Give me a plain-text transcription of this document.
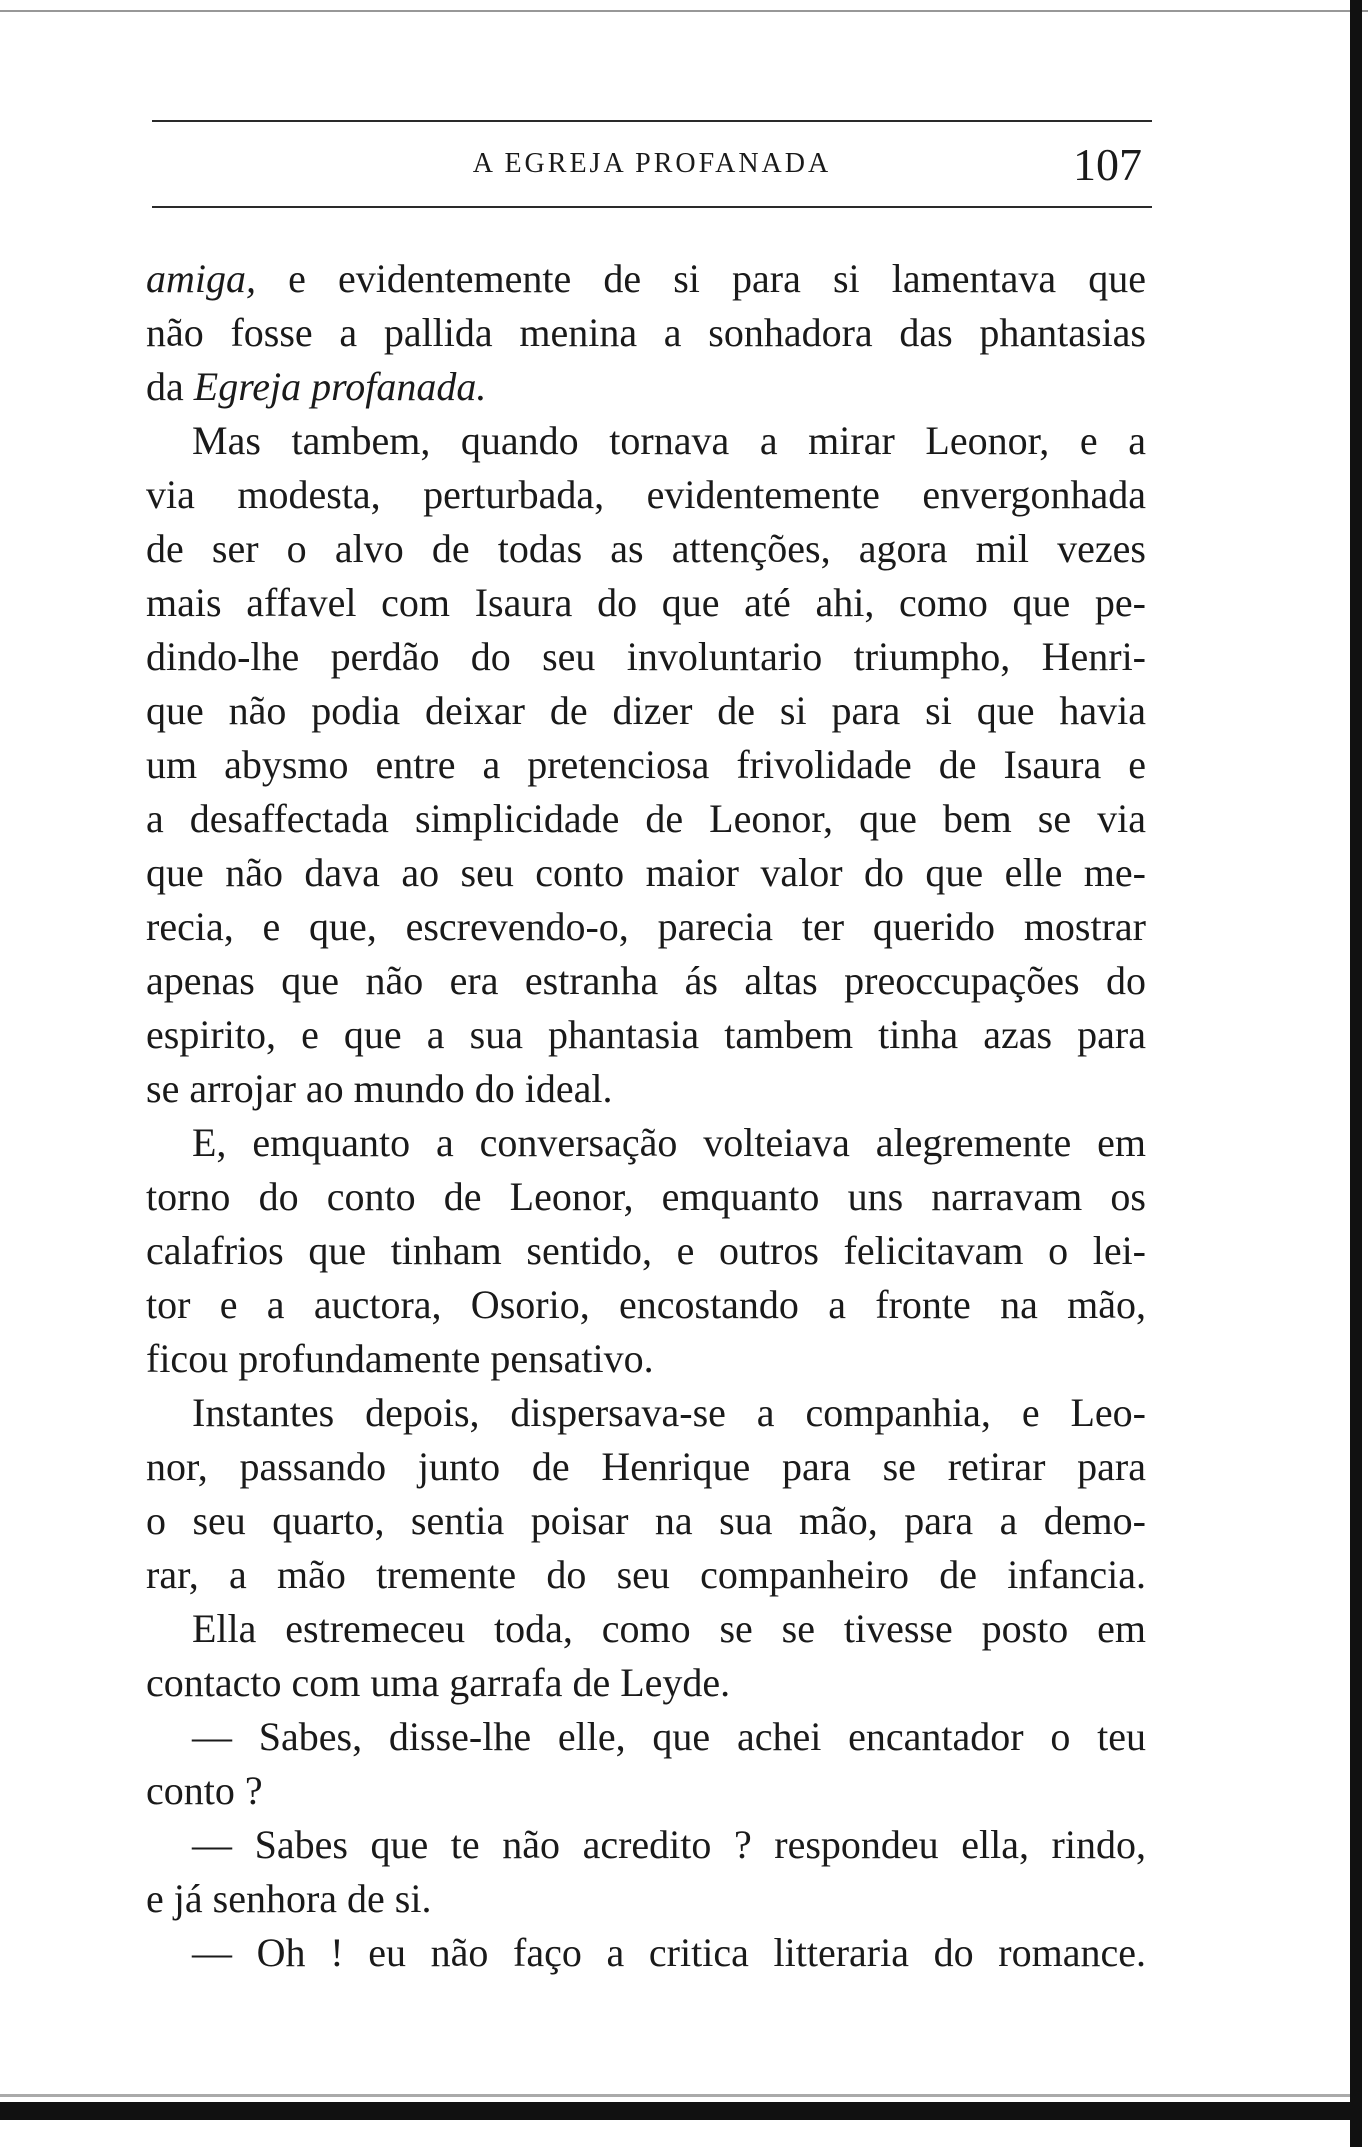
A EGREJA PROFANADA	107
amiga, e evidentemente de si para si lamentava que
não fosse a pallida menina a sonhadora das phantasias
da Egreja profanada.
Mas tambem, quando tornava a mirar Leonor, e a
via modesta, perturbada, evidentemente envergonhada
de ser o alvo de todas as attenções, agora mil vezes
mais affavel com Isaura do que até ahi, como que pe-
dindo-lhe perdão do seu involuntario triumpho, Henri-
que não podia deixar de dizer de si para si que havia
um abysmo entre a pretenciosa frivolidade de Isaura e
a desaffectada simplicidade de Leonor, que bem se via
que não dava ao seu conto maior valor do que elle me-
recia, e que, escrevendo-o, parecia ter querido mostrar
apenas que não era estranha ás altas preoccupações do
espirito, e que a sua phantasia tambem tinha azas para
se arrojar ao mundo do ideal.
E, emquanto a conversação volteiava alegremente em
torno do conto de Leonor, emquanto uns narravam os
calafrios que tinham sentido, e outros felicitavam o lei-
tor e a auctora, Osorio, encostando a fronte na mão,
ficou profundamente pensativo.
Instantes depois, dispersava-se a companhia, e Leo-
nor, passando junto de Henrique para se retirar para
o seu quarto, sentia poisar na sua mão, para a demo-
rar, a mão tremente do seu companheiro de infancia.
Ella estremeceu toda, como se se tivesse posto em
contacto com uma garrafa de Leyde.
— Sabes, disse-lhe elle, que achei encantador o teu
conto ?
— Sabes que te não acredito ? respondeu ella, rindo,
e já senhora de si.
— Oh ! eu não faço a critica litteraria do romance.
